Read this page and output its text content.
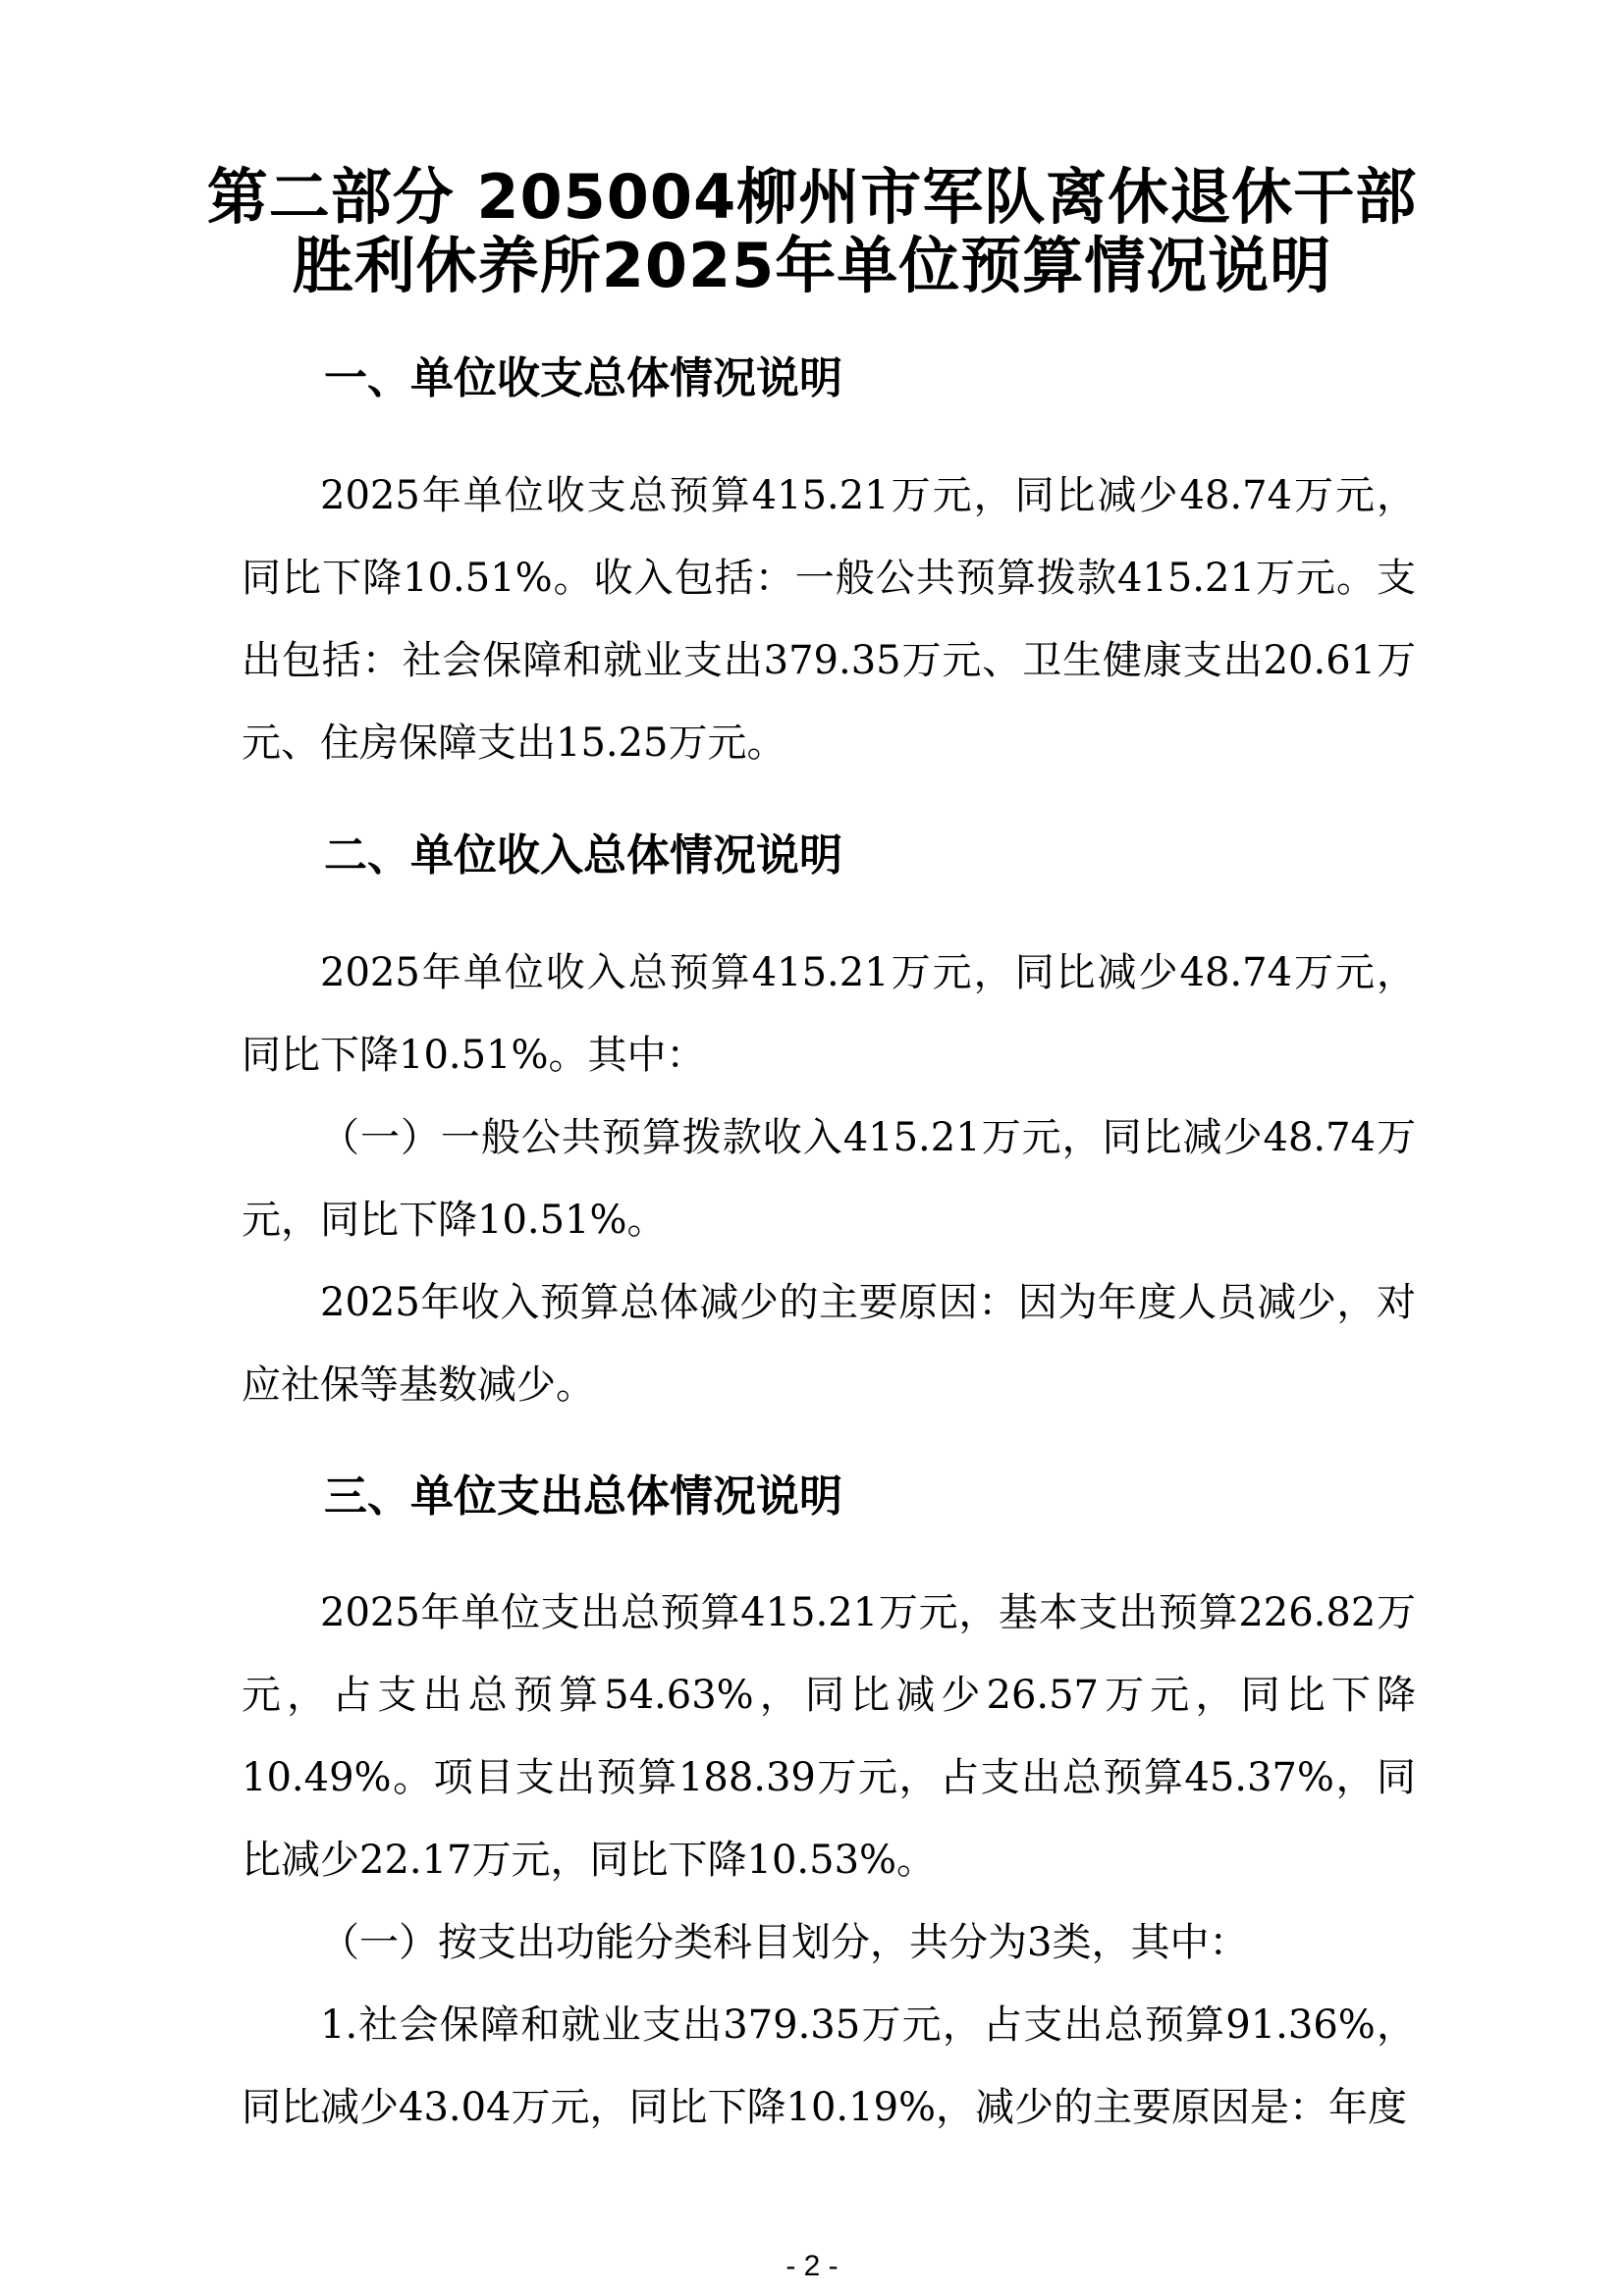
第二部分 205004柳州市军队离休退休干部
胜利休养所2025年单位预算情况说明
一、单位收支总体情况说明
2025年单位收支总预算415.21万元，同比减少48.74万元，同比下降10.51%。收入包括：一般公共预算拨款415.21万元。支出包括：社会保障和就业支出379.35万元、卫生健康支出20.61万元、住房保障支出15.25万元。
二、单位收入总体情况说明
2025年单位收入总预算415.21万元，同比减少48.74万元，同比下降10.51%。其中：
（一）一般公共预算拨款收入415.21万元，同比减少48.74万元，同比下降10.51%。
2025年收入预算总体减少的主要原因：因为年度人员减少，对应社保等基数减少。
三、单位支出总体情况说明
2025年单位支出总预算415.21万元，基本支出预算226.82万元，占支出总预算54.63%，同比减少26.57万元，同比下降10.49%。项目支出预算188.39万元，占支出总预算45.37%，同比减少22.17万元，同比下降10.53%。
（一）按支出功能分类科目划分，共分为3类，其中：
1.社会保障和就业支出379.35万元，占支出总预算91.36%，同比减少43.04万元，同比下降10.19%，减少的主要原因是：年度
- 2 -
